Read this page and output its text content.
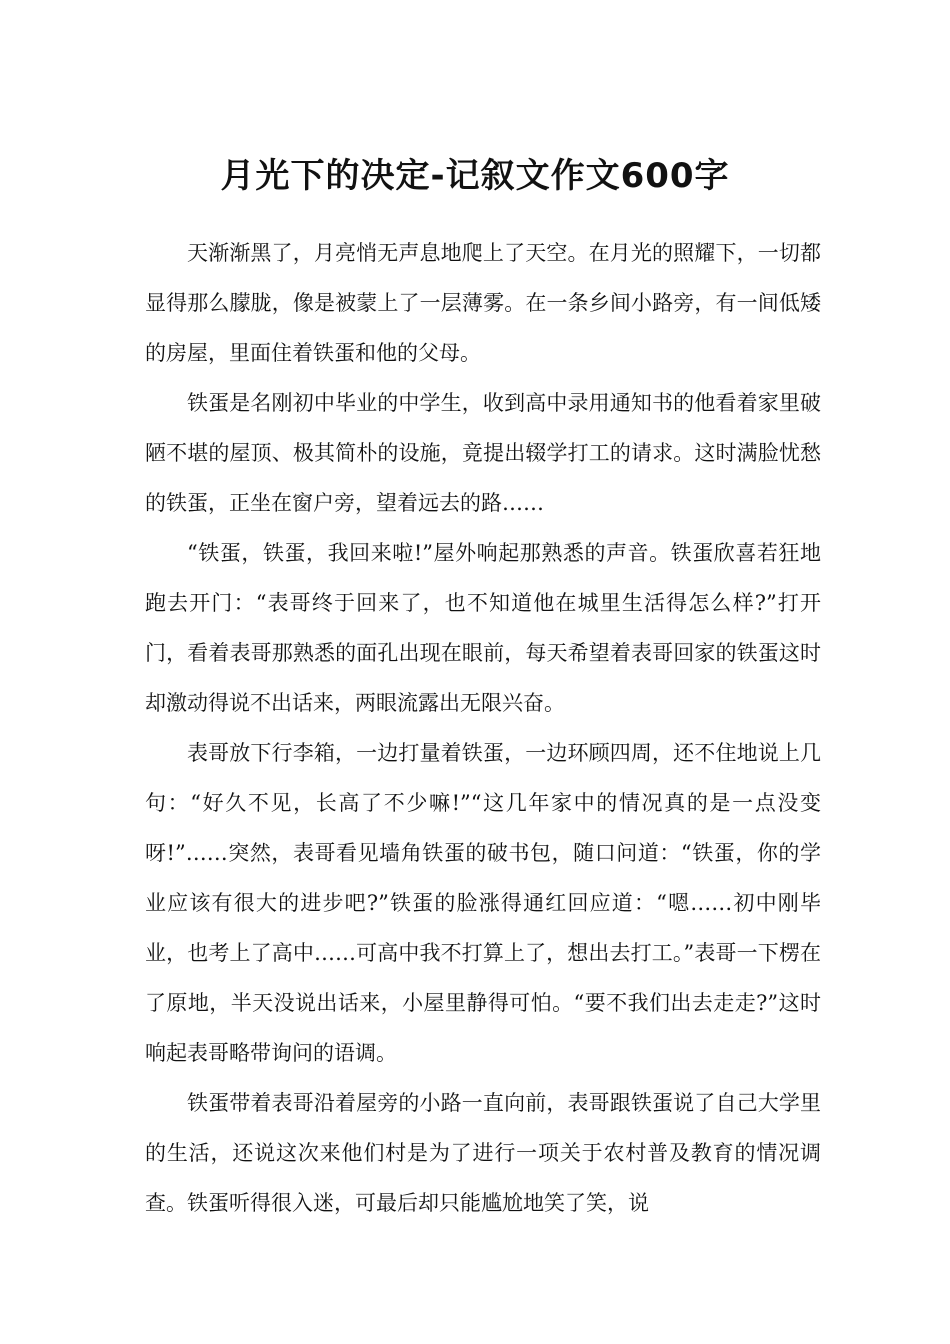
月光下的决定-记叙文作文600字

天渐渐黑了，月亮悄无声息地爬上了天空。在月光的照耀下，一切都显得那么朦胧，像是被蒙上了一层薄雾。在一条乡间小路旁，有一间低矮的房屋，里面住着铁蛋和他的父母。

铁蛋是名刚初中毕业的中学生，收到高中录用通知书的他看着家里破陋不堪的屋顶、极其简朴的设施，竟提出辍学打工的请求。这时满脸忧愁的铁蛋，正坐在窗户旁，望着远去的路……

“铁蛋，铁蛋，我回来啦!”屋外响起那熟悉的声音。铁蛋欣喜若狂地跑去开门：“表哥终于回来了，也不知道他在城里生活得怎么样?”打开门，看着表哥那熟悉的面孔出现在眼前，每天希望着表哥回家的铁蛋这时却激动得说不出话来，两眼流露出无限兴奋。

表哥放下行李箱，一边打量着铁蛋，一边环顾四周，还不住地说上几句：“好久不见，长高了不少嘛!”“这几年家中的情况真的是一点没变呀!”……突然，表哥看见墙角铁蛋的破书包，随口问道：“铁蛋，你的学业应该有很大的进步吧?”铁蛋的脸涨得通红回应道：“嗯……初中刚毕业，也考上了高中……可高中我不打算上了，想出去打工。”表哥一下楞在了原地，半天没说出话来，小屋里静得可怕。“要不我们出去走走?”这时响起表哥略带询问的语调。

铁蛋带着表哥沿着屋旁的小路一直向前，表哥跟铁蛋说了自己大学里的生活，还说这次来他们村是为了进行一项关于农村普及教育的情况调查。铁蛋听得很入迷，可最后却只能尴尬地笑了笑，说
